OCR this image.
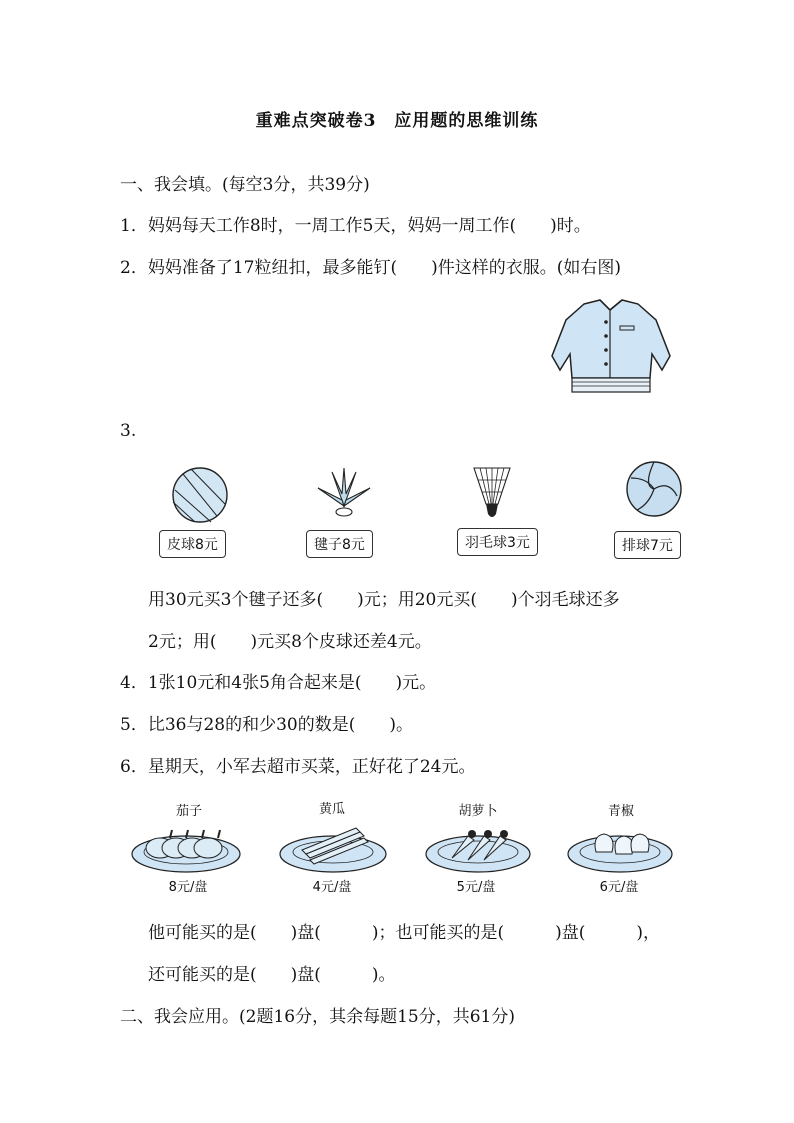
重难点突破卷3　应用题的思维训练
一、我会填。(每空3分，共39分)
1．妈妈每天工作8时，一周工作5天，妈妈一周工作(　　)时。
2．妈妈准备了17粒纽扣，最多能钉(　　)件这样的衣服。(如右图)
3.
皮球8元	毽子8元	羽毛球3元	排球7元
用30元买3个毽子还多(　　)元；用20元买(　　)个羽毛球还多
2元；用(　　)元买8个皮球还差4元。
4．1张10元和4张5角合起来是(　　)元。
5．比36与28的和少30的数是(　　)。
6．星期天，小军去超市买菜，正好花了24元。
茄子	黄瓜	胡萝卜	青椒
8元/盘	4元/盘	5元/盘	6元/盘
他可能买的是(　　)盘(　　　)；也可能买的是(　　　)盘(　　　)，
还可能买的是(　　)盘(　　　)。
二、我会应用。(2题16分，其余每题15分，共61分)
